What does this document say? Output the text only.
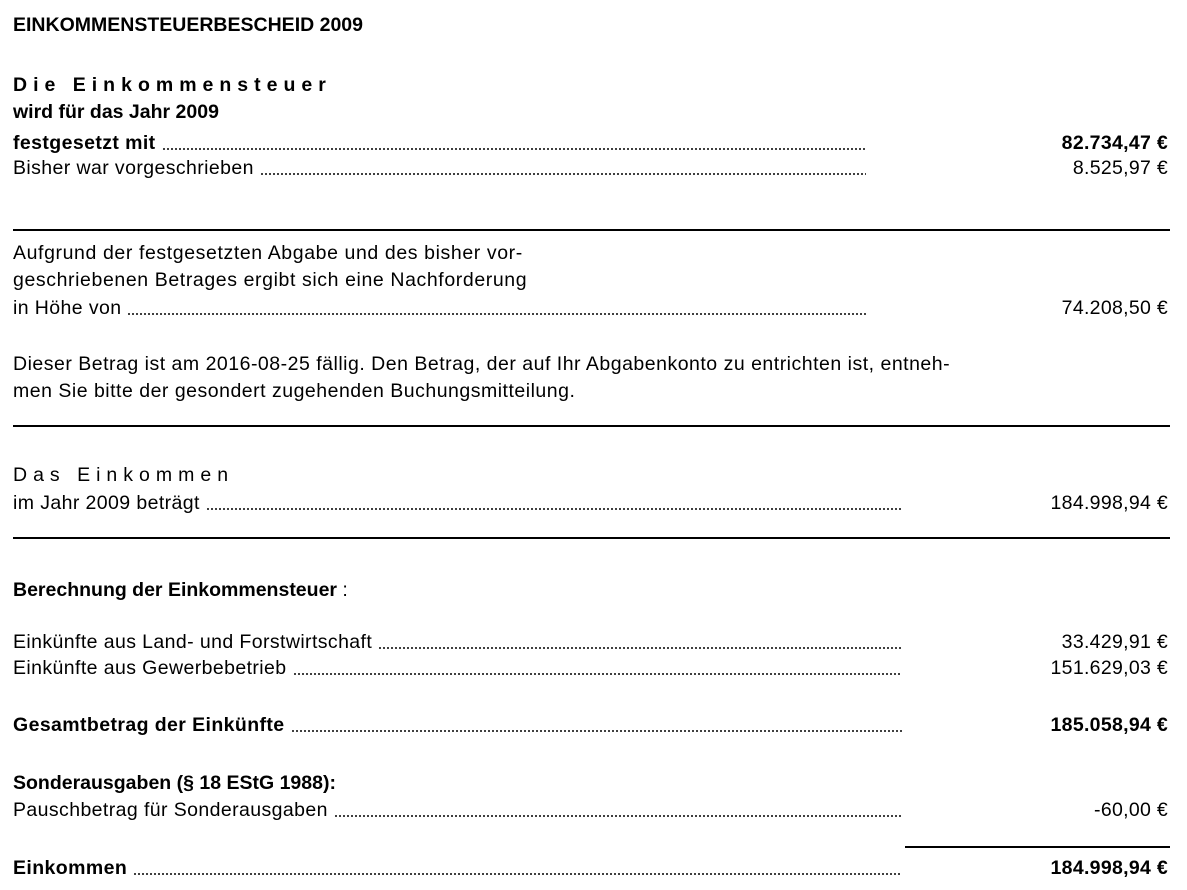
EINKOMMENSTEUERBESCHEID 2009
Die Einkommensteuer
wird für das Jahr 2009
festgesetzt mit	82.734,47 €
Bisher war vorgeschrieben	8.525,97 €
Aufgrund der festgesetzten Abgabe und des bisher vor-
geschriebenen Betrages ergibt sich eine Nachforderung
in Höhe von	74.208,50 €
Dieser Betrag ist am 2016-08-25 fällig. Den Betrag, der auf Ihr Abgabenkonto zu entrichten ist, entneh-
men Sie bitte der gesondert zugehenden Buchungsmitteilung.
Das Einkommen
im Jahr 2009 beträgt	184.998,94 €
Berechnung der Einkommensteuer :
Einkünfte aus Land- und Forstwirtschaft	33.429,91 €
Einkünfte aus Gewerbebetrieb	151.629,03 €
Gesamtbetrag der Einkünfte	185.058,94 €
Sonderausgaben (§ 18 EStG 1988):
Pauschbetrag für Sonderausgaben	-60,00 €
Einkommen	184.998,94 €
